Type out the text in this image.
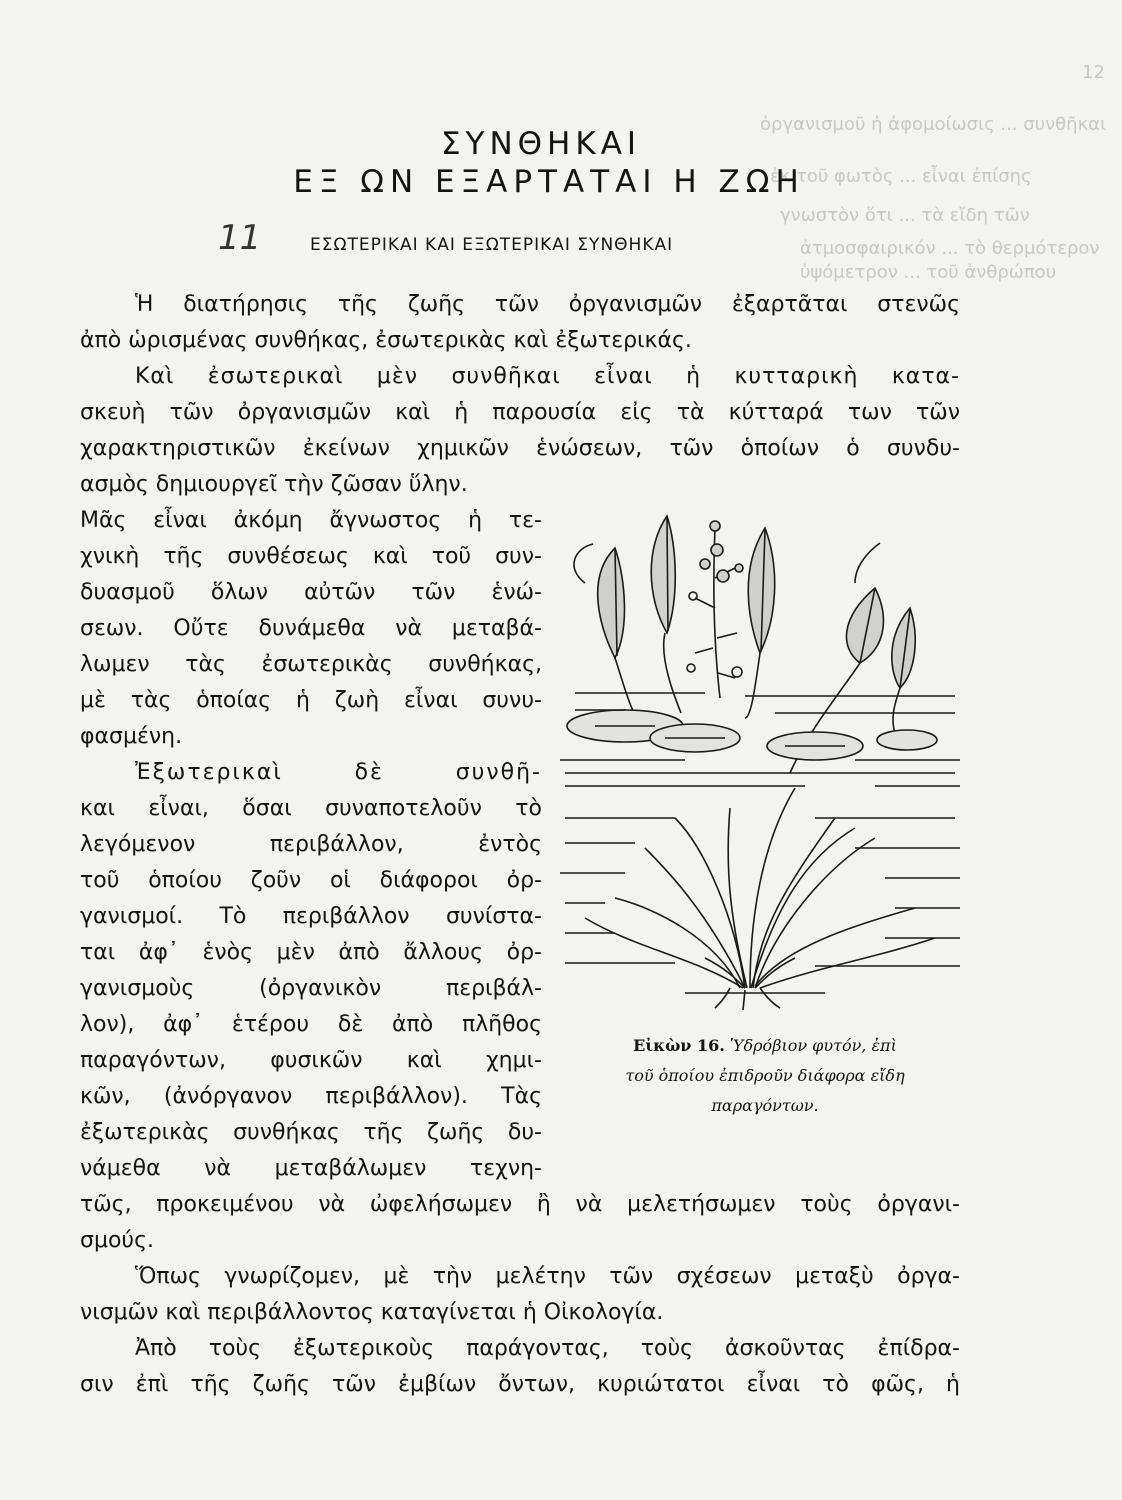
12
ὀργανισμοῦ ἡ ἀφομοίωσις ... συνθῆκαι
ἐκ τοῦ φωτὸς ... εἶναι ἐπίσης
γνωστὸν ὅτι ... τὰ εἴδη τῶν
ἀτμοσφαιρικόν ... τὸ θερμότερον
ὑψόμετρον ... τοῦ ἀνθρώπου
ΣΥΝΘΗΚΑΙ
ΕΞ ΩΝ ΕΞΑΡΤΑΤΑΙ Η ΖΩΗ
11	ΕΣΩΤΕΡΙΚΑΙ ΚΑΙ ΕΞΩΤΕΡΙΚΑΙ ΣΥΝΘΗΚΑΙ
Ἡ διατήρησις τῆς ζωῆς τῶν ὀργανισμῶν ἐξαρτᾶται στενῶς
ἀπὸ ὡρισμένας συνθήκας, ἐσωτερικὰς καὶ ἐξωτερικάς.
Καὶ ἐσωτερικαὶ μὲν συνθῆκαι εἶναι ἡ κυτταρικὴ κατα-
σκευὴ τῶν ὀργανισμῶν καὶ ἡ παρουσία εἰς τὰ κύτταρά των τῶν
χαρακτηριστικῶν ἐκείνων χημικῶν ἑνώσεων, τῶν ὁποίων ὁ συνδυ-
ασμὸς δημιουργεῖ τὴν ζῶσαν ὕλην.
Μᾶς εἶναι ἀκόμη ἄγνωστος ἡ τε-
χνικὴ τῆς συνθέσεως καὶ τοῦ συν-
δυασμοῦ ὅλων αὐτῶν τῶν ἑνώ-
σεων. Οὔτε δυνάμεθα νὰ μεταβά-
λωμεν τὰς ἐσωτερικὰς συνθήκας,
μὲ τὰς ὁποίας ἡ ζωὴ εἶναι συνυ-
φασμένη.
Ἐξωτερικαὶ δὲ συνθῆ-
και εἶναι, ὅσαι συναποτελοῦν τὸ
λεγόμενον περιβάλλον, ἐντὸς
τοῦ ὁποίου ζοῦν οἱ διάφοροι ὀρ-
γανισμοί. Τὸ περιβάλλον συνίστα-
ται ἀφ᾿ ἑνὸς μὲν ἀπὸ ἄλλους ὀρ-
γανισμοὺς (ὀργανικὸν περιβάλ-
λον), ἀφ᾿ ἑτέρου δὲ ἀπὸ πλῆθος
παραγόντων, φυσικῶν καὶ χημι-
κῶν, (ἀνόργανον περιβάλλον). Τὰς
ἐξωτερικὰς συνθήκας τῆς ζωῆς δυ-
νάμεθα νὰ μεταβάλωμεν τεχνη-
τῶς, προκειμένου νὰ ὠφελήσωμεν ἢ νὰ μελετήσωμεν τοὺς ὀργανι-
σμούς.
Ὅπως γνωρίζομεν, μὲ τὴν μελέτην τῶν σχέσεων μεταξὺ ὀργα-
νισμῶν καὶ περιβάλλοντος καταγίνεται ἡ Οἰκολογία.
Ἀπὸ τοὺς ἐξωτερικοὺς παράγοντας, τοὺς ἀσκοῦντας ἐπίδρα-
σιν ἐπὶ τῆς ζωῆς τῶν ἐμβίων ὄντων, κυριώτατοι εἶναι τὸ φῶς, ἡ
Εἰκὼν 16. Ὑδρόβιον φυτόν, ἐπὶ
τοῦ ὁποίου ἐπιδροῦν διάφορα εἴδη
παραγόντων.
